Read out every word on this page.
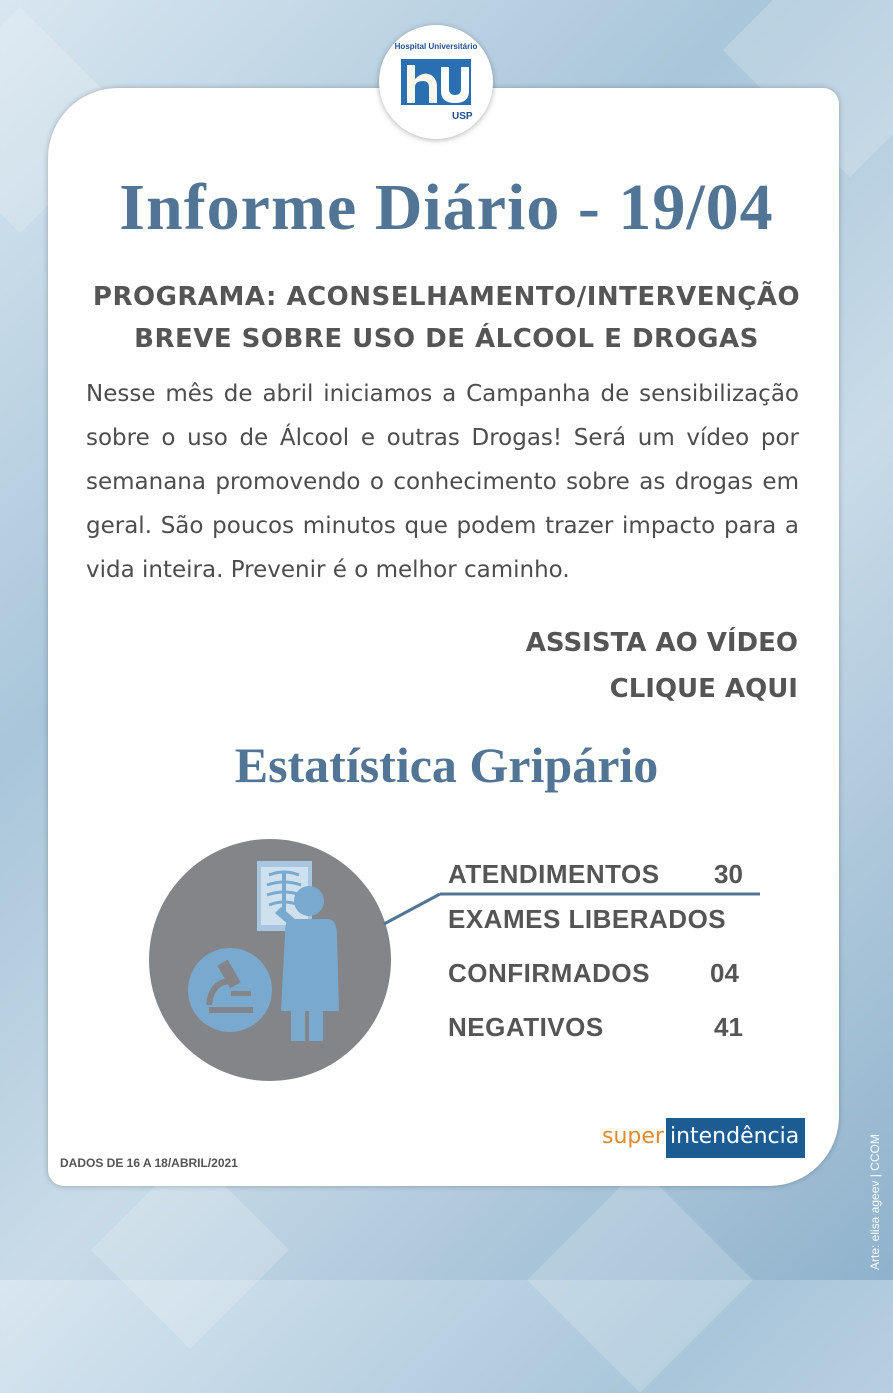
Hospital Universitário
USP
Informe Diário - 19/04
PROGRAMA: ACONSELHAMENTO/INTERVENÇÃO
BREVE SOBRE USO DE ÁLCOOL E DROGAS
Nesse mês de abril iniciamos a Campanha de sensibilização sobre o uso de Álcool e outras Drogas! Será um vídeo por semanana promovendo o conhecimento sobre as drogas em geral. São poucos minutos que podem trazer impacto para a vida inteira. Prevenir é o melhor caminho.
ASSISTA AO VÍDEO
CLIQUE AQUI
Estatística Gripário
ATENDIMENTOS 30
EXAMES LIBERADOS
CONFIRMADOS 04
NEGATIVOS	41
super intendência
DADOS DE 16 A 18/ABRIL/2021	Arte: elisa ageev | CCOM
